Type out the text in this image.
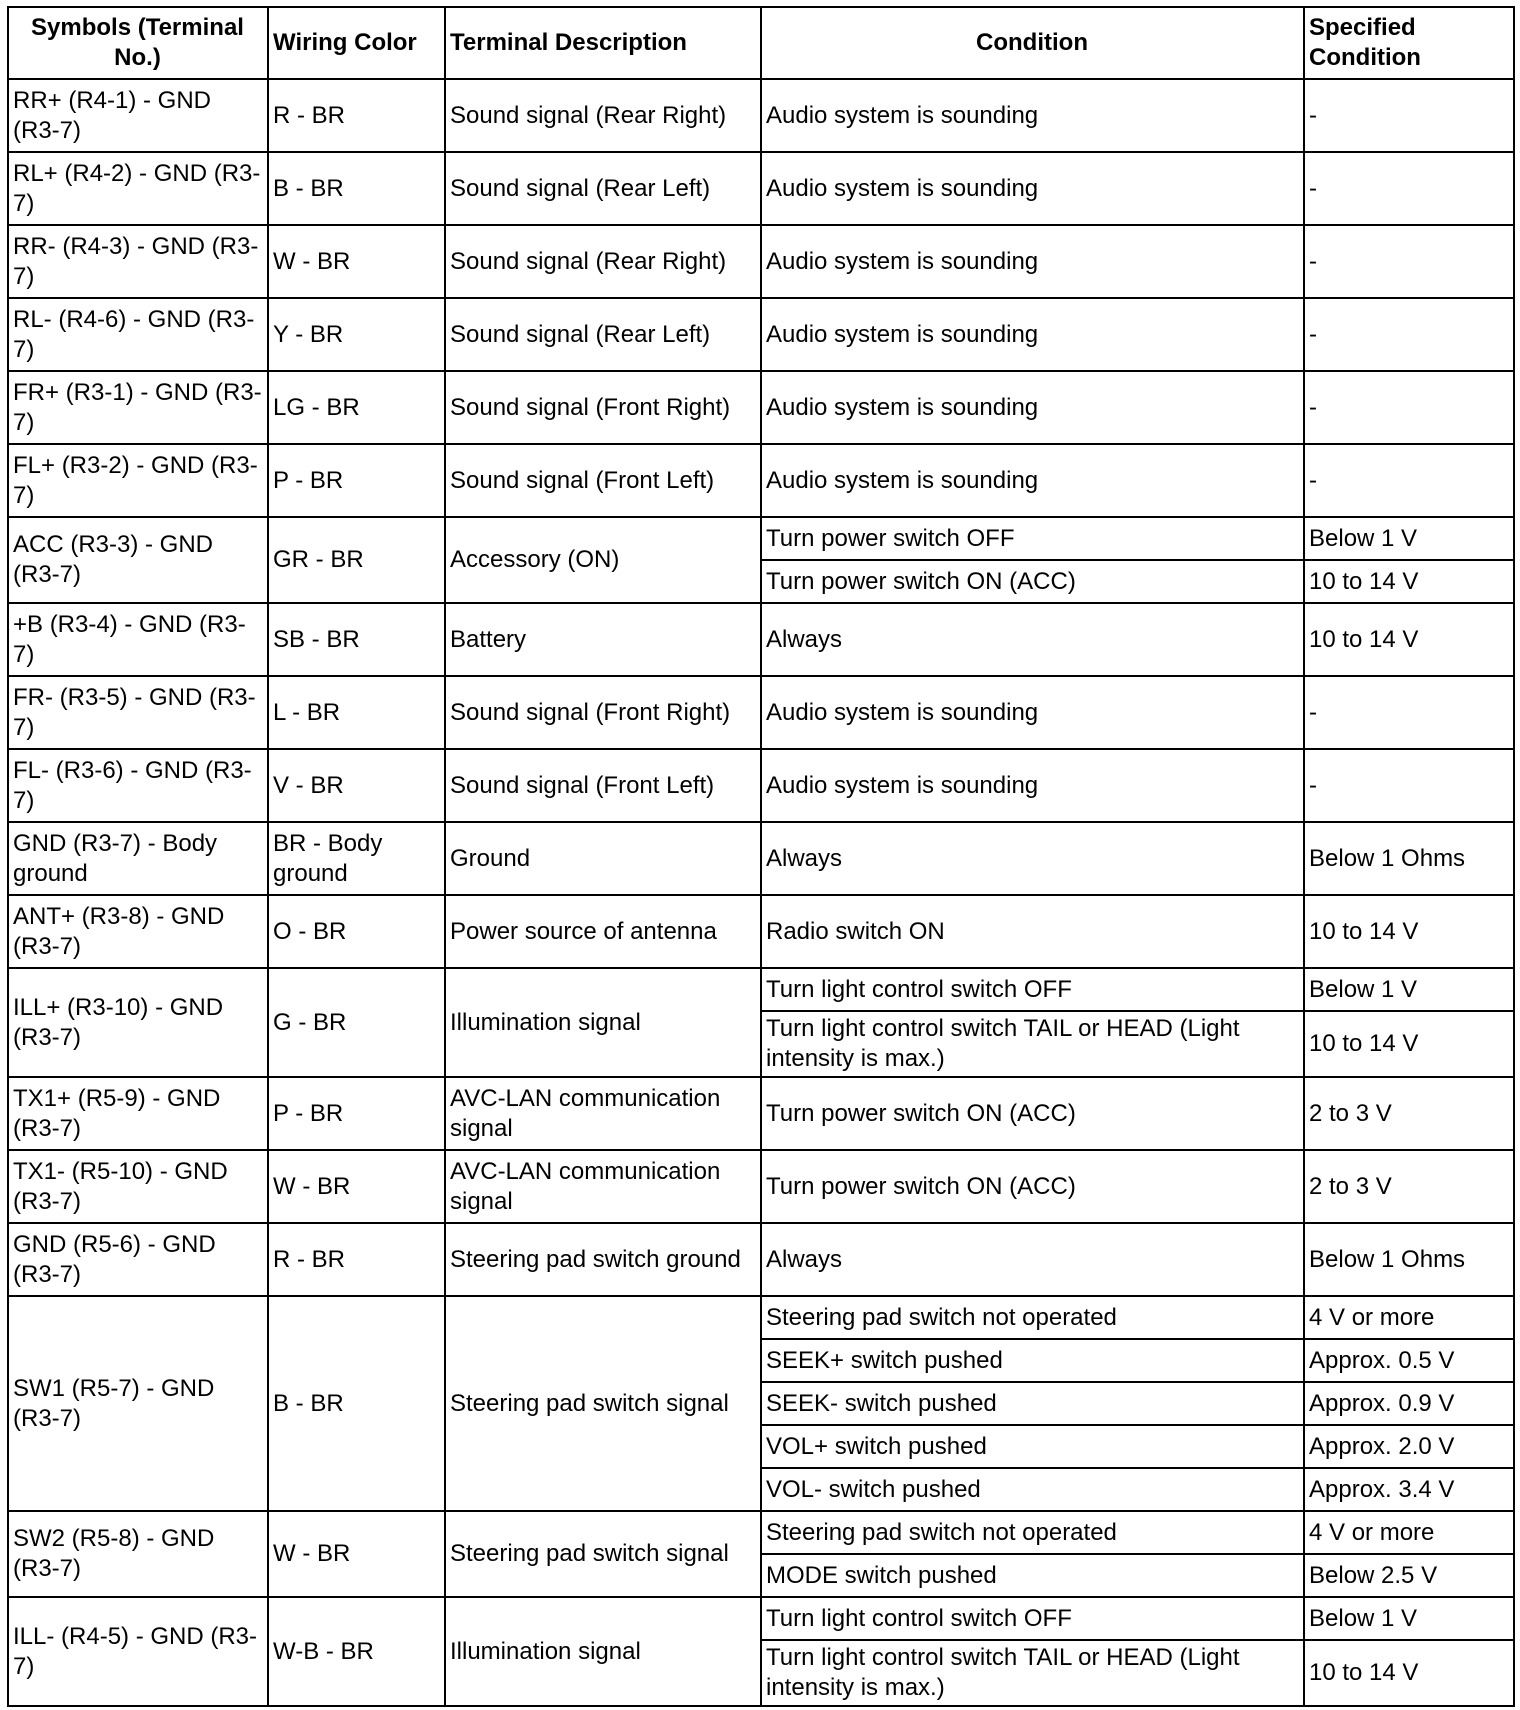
Symbols (Terminal No.)	Wiring Color	Terminal Description	Condition	Specified Condition
RR+ (R4-1) - GND (R3-7)	R - BR	Sound signal (Rear Right)	Audio system is sounding	-
RL+ (R4-2) - GND (R3-7)	B - BR	Sound signal (Rear Left)	Audio system is sounding	-
RR- (R4-3) - GND (R3-7)	W - BR	Sound signal (Rear Right)	Audio system is sounding	-
RL- (R4-6) - GND (R3-7)	Y - BR	Sound signal (Rear Left)	Audio system is sounding	-
FR+ (R3-1) - GND (R3-7)	LG - BR	Sound signal (Front Right)	Audio system is sounding	-
FL+ (R3-2) - GND (R3-7)	P - BR	Sound signal (Front Left)	Audio system is sounding	-
ACC (R3-3) - GND (R3-7)	GR - BR	Accessory (ON)	Turn power switch OFF	Below 1 V
			Turn power switch ON (ACC)	10 to 14 V
+B (R3-4) - GND (R3-7)	SB - BR	Battery	Always	10 to 14 V
FR- (R3-5) - GND (R3-7)	L - BR	Sound signal (Front Right)	Audio system is sounding	-
FL- (R3-6) - GND (R3-7)	V - BR	Sound signal (Front Left)	Audio system is sounding	-
GND (R3-7) - Body ground	BR - Body ground	Ground	Always	Below 1 Ohms
ANT+ (R3-8) - GND (R3-7)	O - BR	Power source of antenna	Radio switch ON	10 to 14 V
ILL+ (R3-10) - GND (R3-7)	G - BR	Illumination signal	Turn light control switch OFF	Below 1 V
			Turn light control switch TAIL or HEAD (Light intensity is max.)	10 to 14 V
TX1+ (R5-9) - GND (R3-7)	P - BR	AVC-LAN communication signal	Turn power switch ON (ACC)	2 to 3 V
TX1- (R5-10) - GND (R3-7)	W - BR	AVC-LAN communication signal	Turn power switch ON (ACC)	2 to 3 V
GND (R5-6) - GND (R3-7)	R - BR	Steering pad switch ground	Always	Below 1 Ohms
SW1 (R5-7) - GND (R3-7)	B - BR	Steering pad switch signal	Steering pad switch not operated	4 V or more
			SEEK+ switch pushed	Approx. 0.5 V
			SEEK- switch pushed	Approx. 0.9 V
			VOL+ switch pushed	Approx. 2.0 V
			VOL- switch pushed	Approx. 3.4 V
SW2 (R5-8) - GND (R3-7)	W - BR	Steering pad switch signal	Steering pad switch not operated	4 V or more
			MODE switch pushed	Below 2.5 V
ILL- (R4-5) - GND (R3-7)	W-B - BR	Illumination signal	Turn light control switch OFF	Below 1 V
			Turn light control switch TAIL or HEAD (Light intensity is max.)	10 to 14 V
